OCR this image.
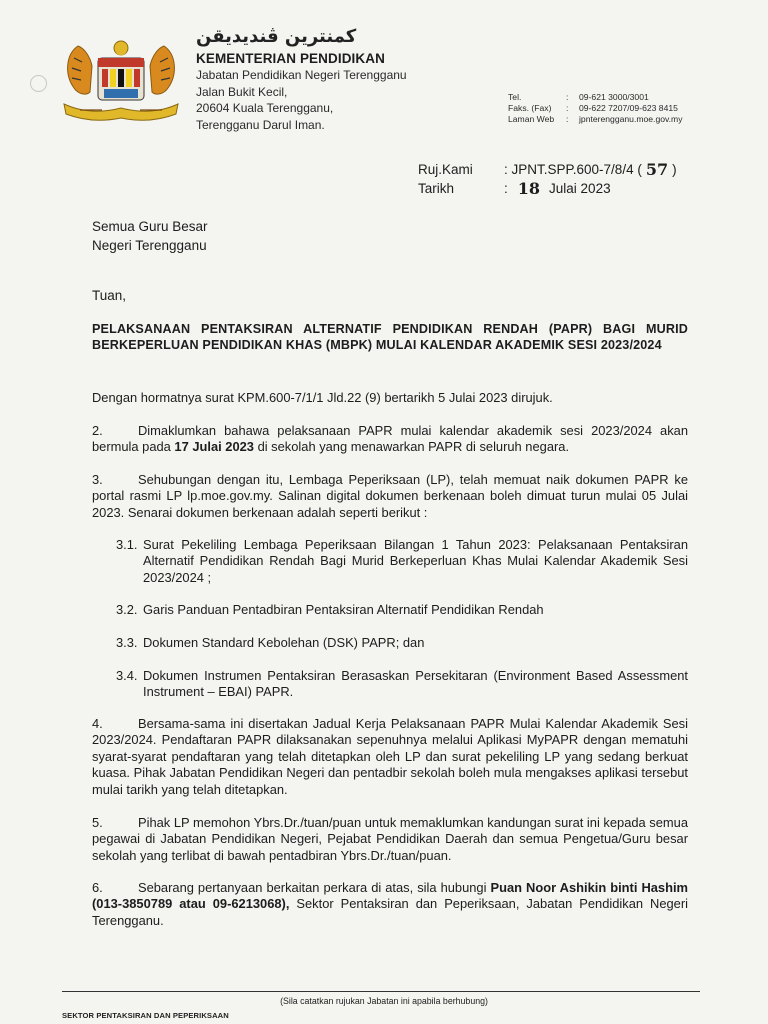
كمنترين ڤنديديقن
KEMENTERIAN PENDIDIKAN
Jabatan Pendidikan Negeri Terengganu
Jalan Bukit Kecil,
20604 Kuala Terengganu,
Terengganu Darul Iman.
Tel.	:	09-621 3000/3001
Faks. (Fax)	:	09-622 7207/09-623 8415
Laman Web	:	jpnterengganu.moe.gov.my
Ruj.Kami	: JPNT.SPP.600-7/8/4 ( 57 )
Tarikh	: 18 Julai 2023
Semua Guru Besar
Negeri Terengganu
Tuan,
PELAKSANAAN PENTAKSIRAN ALTERNATIF PENDIDIKAN RENDAH (PAPR) BAGI MURID BERKEPERLUAN PENDIDIKAN KHAS (MBPK) MULAI KALENDAR AKADEMIK SESI 2023/2024
Dengan hormatnya surat KPM.600-7/1/1 Jld.22 (9) bertarikh 5 Julai 2023 dirujuk.
2.	Dimaklumkan bahawa pelaksanaan PAPR mulai kalendar akademik sesi 2023/2024 akan bermula pada 17 Julai 2023 di sekolah yang menawarkan PAPR di seluruh negara.
3.	Sehubungan dengan itu, Lembaga Peperiksaan (LP), telah memuat naik dokumen PAPR ke portal rasmi LP lp.moe.gov.my. Salinan digital dokumen berkenaan boleh dimuat turun mulai 05 Julai 2023. Senarai dokumen berkenaan adalah seperti berikut :
3.1. Surat Pekeliling Lembaga Peperiksaan Bilangan 1 Tahun 2023: Pelaksanaan Pentaksiran Alternatif Pendidikan Rendah Bagi Murid Berkeperluan Khas Mulai Kalendar Akademik Sesi 2023/2024 ;
3.2. Garis Panduan Pentadbiran Pentaksiran Alternatif Pendidikan Rendah
3.3. Dokumen Standard Kebolehan (DSK) PAPR; dan
3.4. Dokumen Instrumen Pentaksiran Berasaskan Persekitaran (Environment Based Assessment Instrument – EBAI) PAPR.
4.	Bersama-sama ini disertakan Jadual Kerja Pelaksanaan PAPR Mulai Kalendar Akademik Sesi 2023/2024. Pendaftaran PAPR dilaksanakan sepenuhnya melalui Aplikasi MyPAPR dengan mematuhi syarat-syarat pendaftaran yang telah ditetapkan oleh LP dan surat pekeliling LP yang sedang berkuat kuasa. Pihak Jabatan Pendidikan Negeri dan pentadbir sekolah boleh mula mengakses aplikasi tersebut mulai tarikh yang telah ditetapkan.
5.	Pihak LP memohon Ybrs.Dr./tuan/puan untuk memaklumkan kandungan surat ini kepada semua pegawai di Jabatan Pendidikan Negeri, Pejabat Pendidikan Daerah dan semua Pengetua/Guru besar sekolah yang terlibat di bawah pentadbiran Ybrs.Dr./tuan/puan.
6.	Sebarang pertanyaan berkaitan perkara di atas, sila hubungi Puan Noor Ashikin binti Hashim (013-3850789 atau 09-6213068), Sektor Pentaksiran dan Peperiksaan, Jabatan Pendidikan Negeri Terengganu.
(Sila catatkan rujukan Jabatan ini apabila berhubung)
SEKTOR PENTAKSIRAN DAN PEPERIKSAAN
